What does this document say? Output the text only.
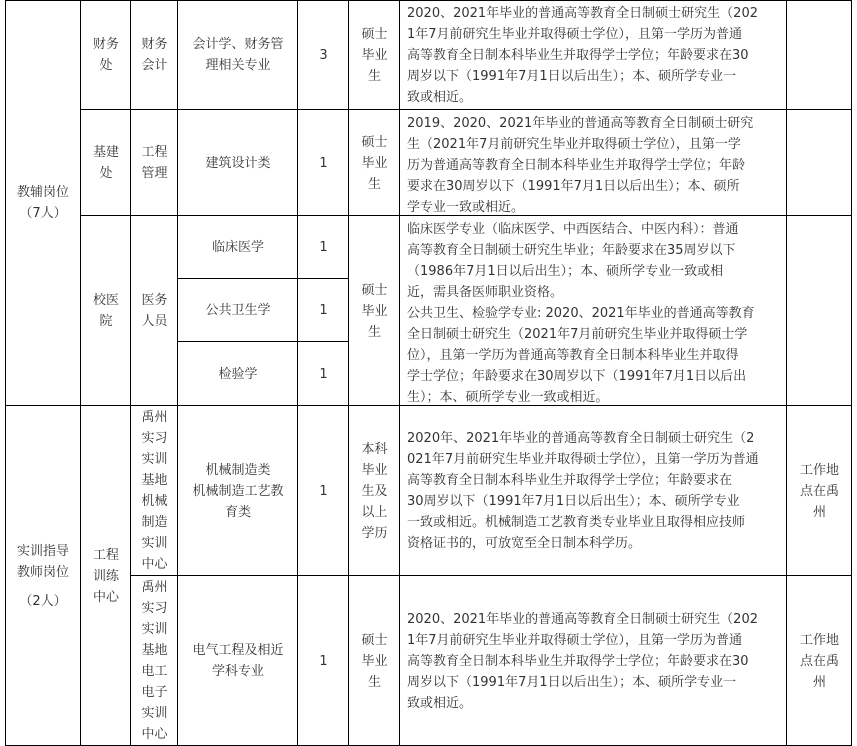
教辅岗位
（7人）
实训指导
教师岗位
（2人）
财务
处
财务
会计
会计学、财务管
理相关专业
3
硕士
毕业
生
2020、2021年毕业的普通高等教育全日制硕士研究生（202
1年7月前研究生毕业并取得硕士学位），且第一学历为普通
高等教育全日制本科毕业生并取得学士学位；年龄要求在30
周岁以下（1991年7月1日以后出生）；本、硕所学专业一
致或相近。
基建
处
工程
管理
建筑设计类	1
硕士
毕业
生
2019、2020、2021年毕业的普通高等教育全日制硕士研究
生（2021年7月前研究生毕业并取得硕士学位），且第一学
历为普通高等教育全日制本科毕业生并取得学士学位；年龄
要求在30周岁以下（1991年7月1日以后出生）；本、硕所
学专业一致或相近。
校医
院
医务
人员
临床医学
公共卫生学
检验学
1
1
1
硕士
毕业
生
临床医学专业（临床医学、中西医结合、中医内科）：普通
高等教育全日制硕士研究生毕业；年龄要求在35周岁以下
（1986年7月1日以后出生）；本、硕所学专业一致或相
近，需具备医师职业资格。
公共卫生、检验学专业: 2020、2021年毕业的普通高等教育
全日制硕士研究生（2021年7月前研究生毕业并取得硕士学
位），且第一学历为普通高等教育全日制本科毕业生并取得
学士学位；年龄要求在30周岁以下（1991年7月1日以后出
生）；本、硕所学专业一致或相近。
工程
训练
中心
禹州
实习
实训
基地
机械
制造
实训
中心
机械制造类
机械制造工艺教
育类
1
本科
毕业
生及
以上
学历
2020年、2021年毕业的普通高等教育全日制硕士研究生（2
021年7月前研究生毕业并取得硕士学位），且第一学历为普通
高等教育全日制本科毕业生并取得学士学位；年龄要求在
30周岁以下（1991年7月1日以后出生）；本、硕所学专业
一致或相近。机械制造工艺教育类专业毕业且取得相应技师
资格证书的，可放宽至全日制本科学历。
工作地
点在禹
州
禹州
实习
实训
基地
电工
电子
实训
中心
电气工程及相近
学科专业
1
硕士
毕业
生
2020、2021年毕业的普通高等教育全日制硕士研究生（202
1年7月前研究生毕业并取得硕士学位），且第一学历为普通
高等教育全日制本科毕业生并取得学士学位；年龄要求在30
周岁以下（1991年7月1日以后出生）；本、硕所学专业一
致或相近。
工作地
点在禹
州
